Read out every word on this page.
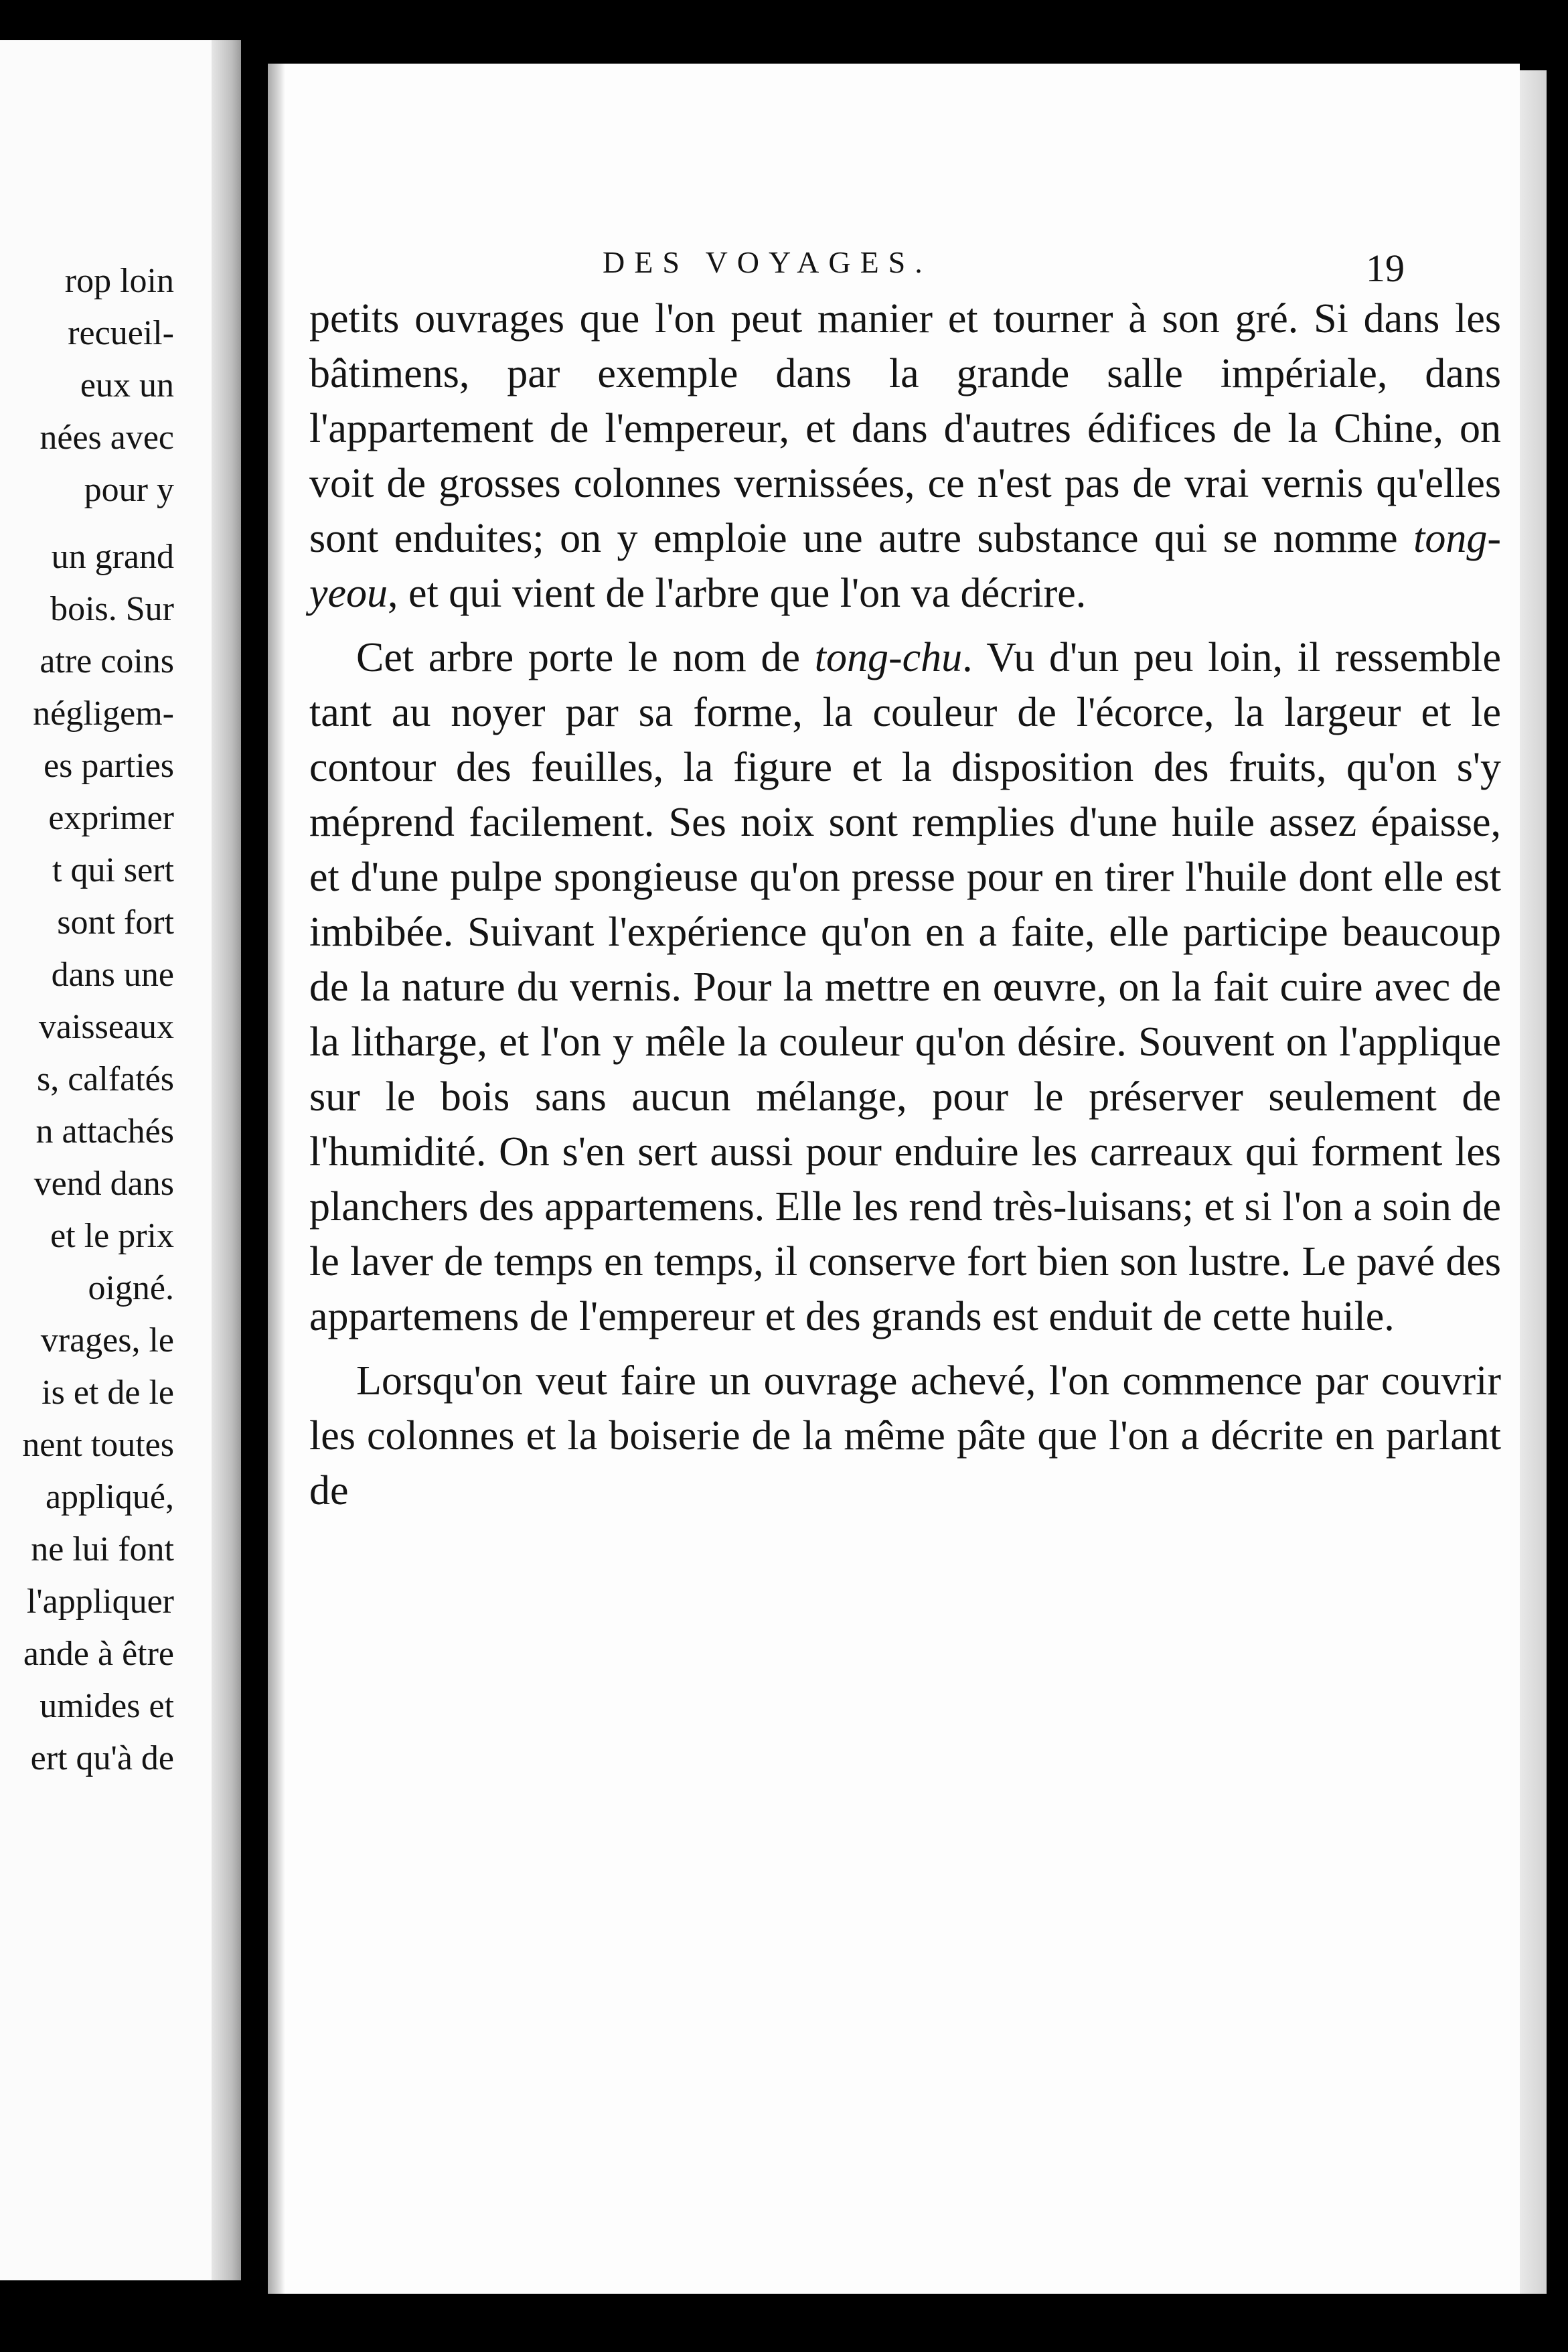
rop loin
recueil-
eux un
nées avec
pour y
un grand
bois. Sur
atre coins
négligem-
es parties
exprimer
t qui sert
sont fort
dans une
vaisseaux
s, calfatés
n attachés
vend dans
et le prix
oigné.
vrages, le
is et de le
nent toutes
appliqué,
ne lui font
l'appliquer
ande à être
umides et
ert qu'à de
DES VOYAGES.	19

petits ouvrages que l'on peut manier et tourner à son gré. Si dans les bâtimens, par exemple dans la grande salle impériale, dans l'appartement de l'empereur, et dans d'autres édifices de la Chine, on voit de grosses colonnes vernissées, ce n'est pas de vrai vernis qu'elles sont enduites; on y emploie une autre substance qui se nomme tong-yeou, et qui vient de l'arbre que l'on va décrire.

Cet arbre porte le nom de tong-chu. Vu d'un peu loin, il ressemble tant au noyer par sa forme, la couleur de l'écorce, la largeur et le contour des feuilles, la figure et la disposition des fruits, qu'on s'y méprend facilement. Ses noix sont remplies d'une huile assez épaisse, et d'une pulpe spongieuse qu'on presse pour en tirer l'huile dont elle est imbibée. Suivant l'expérience qu'on en a faite, elle participe beaucoup de la nature du vernis. Pour la mettre en œuvre, on la fait cuire avec de la litharge, et l'on y mêle la couleur qu'on désire. Souvent on l'applique sur le bois sans aucun mélange, pour le préserver seulement de l'humidité. On s'en sert aussi pour enduire les carreaux qui forment les planchers des appartemens. Elle les rend très-luisans; et si l'on a soin de le laver de temps en temps, il conserve fort bien son lustre. Le pavé des appartemens de l'empereur et des grands est enduit de cette huile.

Lorsqu'on veut faire un ouvrage achevé, l'on commence par couvrir les colonnes et la boiserie de la même pâte que l'on a décrite en parlant de
